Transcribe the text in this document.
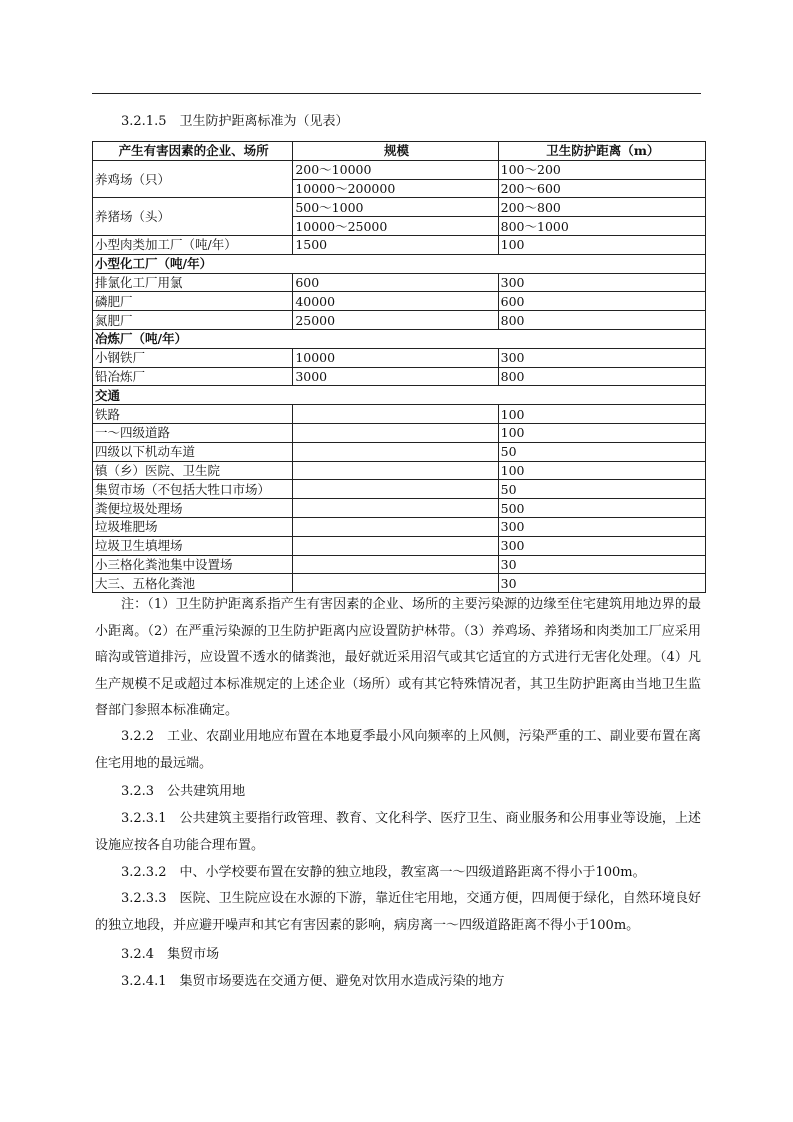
3.2.1.5　卫生防护距离标准为（见表）
产生有害因素的企业、场所	规模	卫生防护距离（m）
养鸡场（只）	200～10000	100～200
	10000～200000	200～600
养猪场（头）	500～1000	200～800
	10000～25000	800～1000
小型肉类加工厂（吨/年）	1500	100
小型化工厂（吨/年）		
排氯化工厂用氯	600	300
磷肥厂	40000	600
氮肥厂	25000	800
冶炼厂（吨/年）		
小钢铁厂	10000	300
铅冶炼厂	3000	800
交通		
铁路		100
一～四级道路		100
四级以下机动车道		50
镇（乡）医院、卫生院		100
集贸市场（不包括大牲口市场）		50
粪便垃圾处理场		500
垃圾堆肥场		300
垃圾卫生填埋场		300
小三格化粪池集中设置场		30
大三、五格化粪池		30

注：（1）卫生防护距离系指产生有害因素的企业、场所的主要污染源的边缘至住宅建筑用地边界的最小距离。（2）在严重污染源的卫生防护距离内应设置防护林带。（3）养鸡场、养猪场和肉类加工厂应采用暗沟或管道排污，应设置不透水的储粪池，最好就近采用沼气或其它适宜的方式进行无害化处理。（4）凡生产规模不足或超过本标准规定的上述企业（场所）或有其它特殊情况者，其卫生防护距离由当地卫生监督部门参照本标准确定。

3.2.2　工业、农副业用地应布置在本地夏季最小风向频率的上风侧，污染严重的工、副业要布置在离住宅用地的最远端。

3.2.3　公共建筑用地

3.2.3.1　公共建筑主要指行政管理、教育、文化科学、医疗卫生、商业服务和公用事业等设施，上述设施应按各自功能合理布置。

3.2.3.2　中、小学校要布置在安静的独立地段，教室离一～四级道路距离不得小于100m。

3.2.3.3　医院、卫生院应设在水源的下游，靠近住宅用地，交通方便，四周便于绿化，自然环境良好的独立地段，并应避开噪声和其它有害因素的影响，病房离一～四级道路距离不得小于100m。

3.2.4　集贸市场

3.2.4.1　集贸市场要选在交通方便、避免对饮用水造成污染的地方
